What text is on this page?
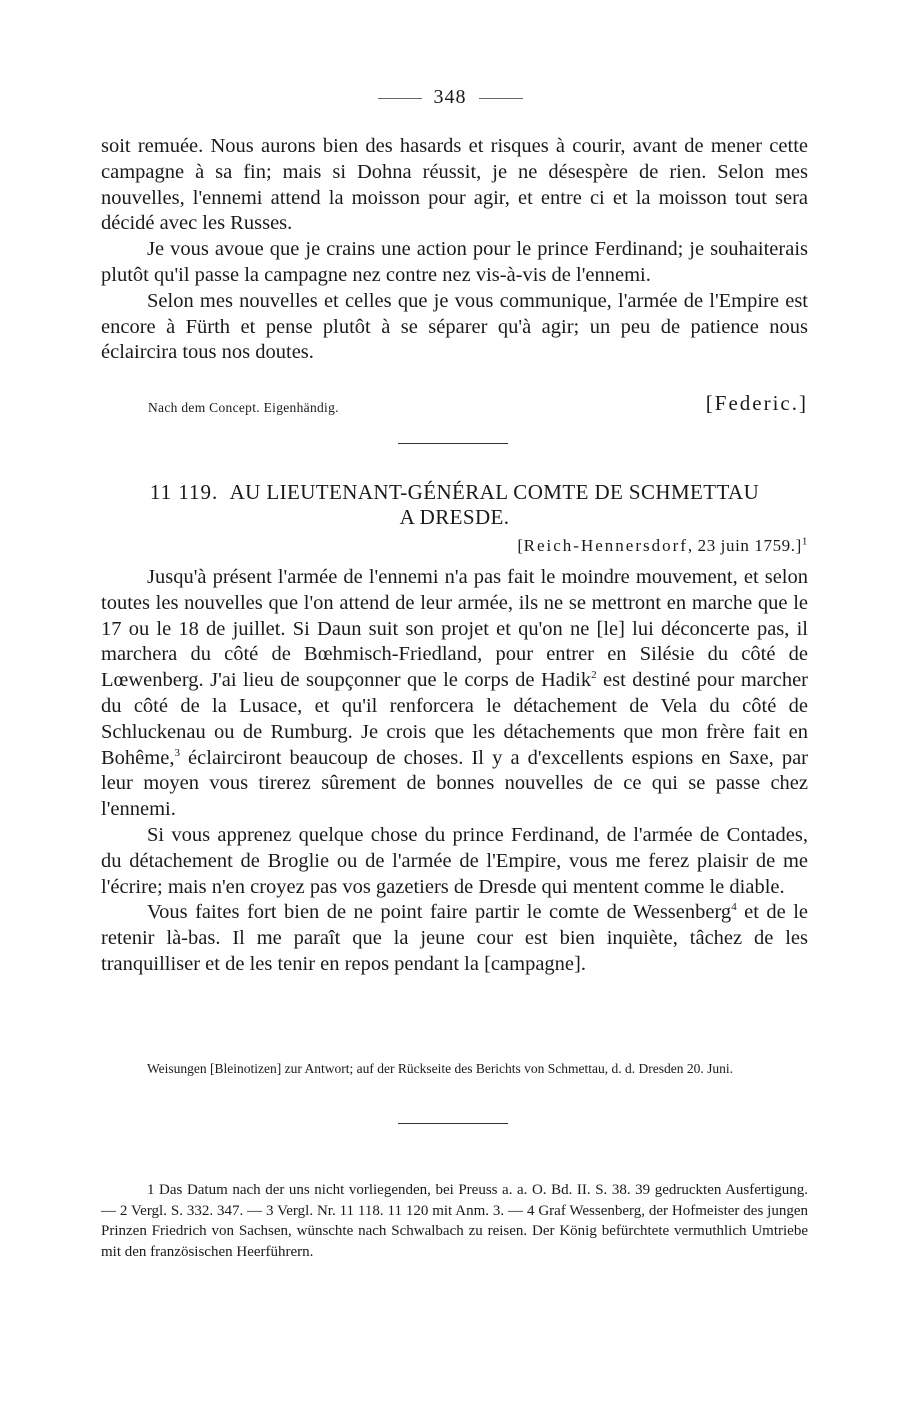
348

soit remuée. Nous aurons bien des hasards et risques à courir, avant de mener cette campagne à sa fin; mais si Dohna réussit, je ne désespère de rien. Selon mes nouvelles, l'ennemi attend la moisson pour agir, et entre ci et la moisson tout sera décidé avec les Russes.

Je vous avoue que je crains une action pour le prince Ferdinand; je souhaiterais plutôt qu'il passe la campagne nez contre nez vis-à-vis de l'ennemi.

Selon mes nouvelles et celles que je vous communique, l'armée de l'Empire est encore à Fürth et pense plutôt à se séparer qu'à agir; un peu de patience nous éclaircira tous nos doutes.

Nach dem Concept. Eigenhändig.	[Federic.]
11 119. AU LIEUTENANT-GÉNÉRAL COMTE DE SCHMETTAU
A DRESDE.
[Reich-Hennersdorf, 23 juin 1759.]$^1$

Jusqu'à présent l'armée de l'ennemi n'a pas fait le moindre mouvement, et selon toutes les nouvelles que l'on attend de leur armée, ils ne se mettront en marche que le 17 ou le 18 de juillet. Si Daun suit son projet et qu'on ne [le] lui déconcerte pas, il marchera du côté de Bœhmisch-Friedland, pour entrer en Silésie du côté de Lœwenberg. J'ai lieu de soupçonner que le corps de Hadik$^2$ est destiné pour marcher du côté de la Lusace, et qu'il renforcera le détachement de Vela du côté de Schluckenau ou de Rumburg. Je crois que les détachements que mon frère fait en Bohême,$^3$ éclairciront beaucoup de choses. Il y a d'excellents espions en Saxe, par leur moyen vous tirerez sûrement de bonnes nouvelles de ce qui se passe chez l'ennemi.

Si vous apprenez quelque chose du prince Ferdinand, de l'armée de Contades, du détachement de Broglie ou de l'armée de l'Empire, vous me ferez plaisir de me l'écrire; mais n'en croyez pas vos gazetiers de Dresde qui mentent comme le diable.

Vous faites fort bien de ne point faire partir le comte de Wessenberg$^4$ et de le retenir là-bas. Il me paraît que la jeune cour est bien inquiète, tâchez de les tranquilliser et de les tenir en repos pendant la [campagne].

Weisungen [Bleinotizen] zur Antwort; auf der Rückseite des Berichts von Schmettau, d. d. Dresden 20. Juni.

1 Das Datum nach der uns nicht vorliegenden, bei Preuss a. a. O. Bd. II. S. 38. 39 gedruckten Ausfertigung. — 2 Vergl. S. 332. 347. — 3 Vergl. Nr. 11 118. 11 120 mit Anm. 3. — 4 Graf Wessenberg, der Hofmeister des jungen Prinzen Friedrich von Sachsen, wünschte nach Schwalbach zu reisen. Der König befürchtete vermuthlich Umtriebe mit den französischen Heerführern.
